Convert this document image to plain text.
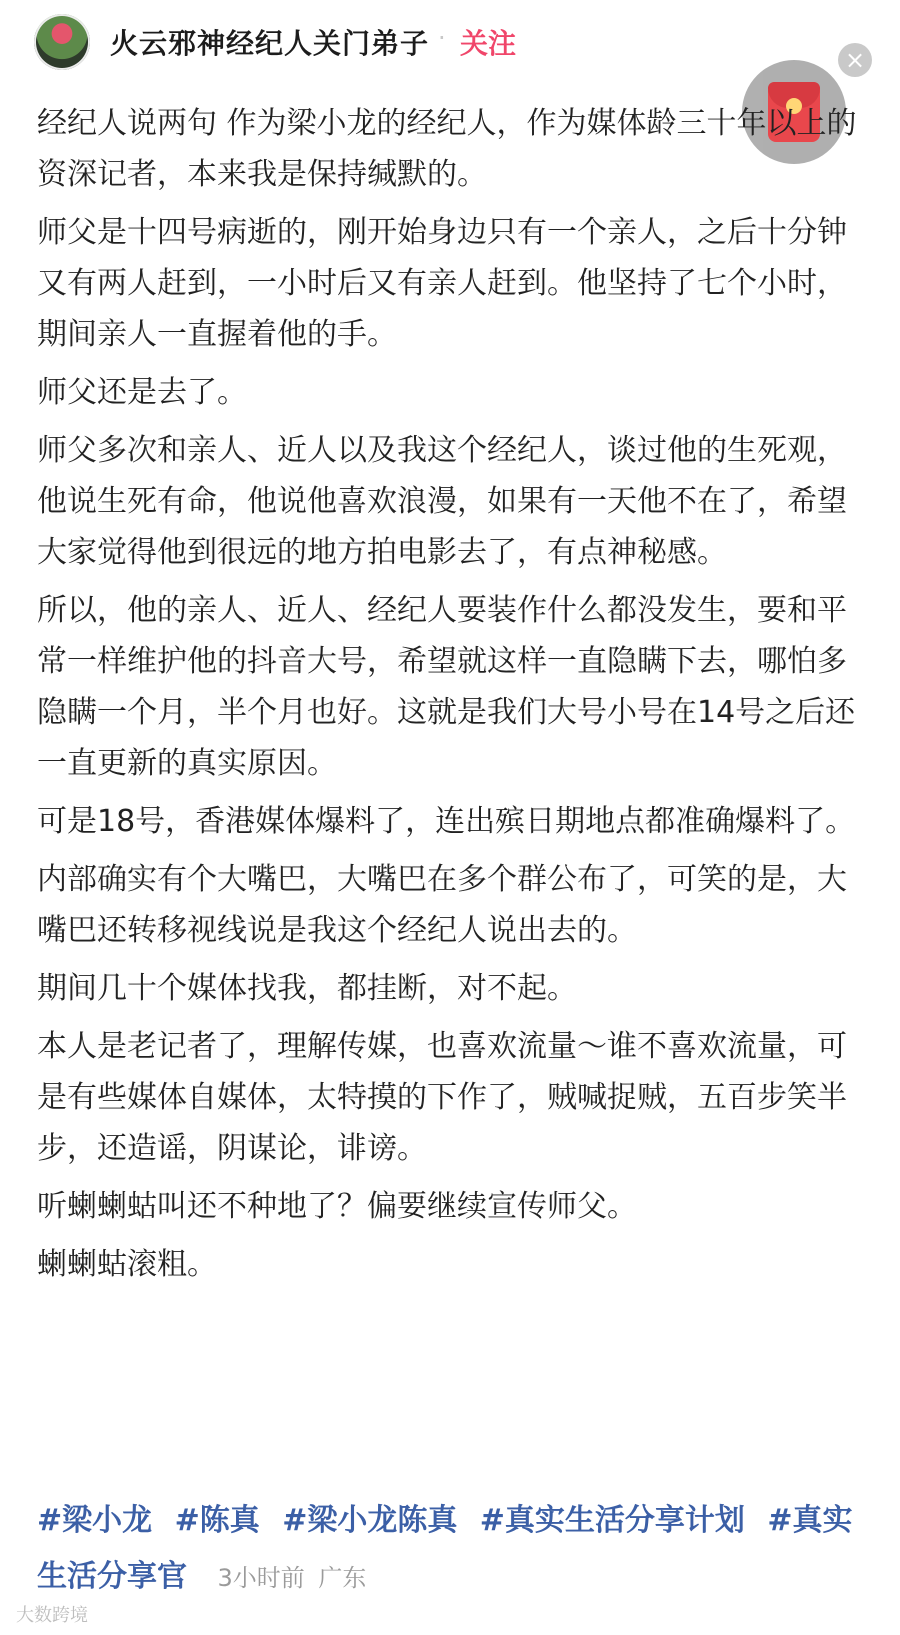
火云邪神经纪人关门弟子 · 关注	×

经纪人说两句 作为梁小龙的经纪人，作为媒体龄三十年以上的资深记者，本来我是保持缄默的。

师父是十四号病逝的，刚开始身边只有一个亲人，之后十分钟又有两人赶到，一小时后又有亲人赶到。他坚持了七个小时，期间亲人一直握着他的手。

师父还是去了。

师父多次和亲人、近人以及我这个经纪人，谈过他的生死观，他说生死有命，他说他喜欢浪漫，如果有一天他不在了，希望大家觉得他到很远的地方拍电影去了，有点神秘感。

所以，他的亲人、近人、经纪人要装作什么都没发生，要和平常一样维护他的抖音大号，希望就这样一直隐瞒下去，哪怕多隐瞒一个月，半个月也好。这就是我们大号小号在14号之后还一直更新的真实原因。

可是18号，香港媒体爆料了，连出殡日期地点都准确爆料了。

内部确实有个大嘴巴，大嘴巴在多个群公布了，可笑的是，大嘴巴还转移视线说是我这个经纪人说出去的。

期间几十个媒体找我，都挂断，对不起。

本人是老记者了，理解传媒，也喜欢流量～谁不喜欢流量，可是有些媒体自媒体，太特摸的下作了，贼喊捉贼，五百步笑半步，还造谣，阴谋论，诽谤。

听蝲蝲蛄叫还不种地了？偏要继续宣传师父。

蝲蝲蛄滚粗。

#梁小龙 #陈真 #梁小龙陈真 #真实生活分享计划 #真实生活分享官 3小时前 广东
大数跨境
